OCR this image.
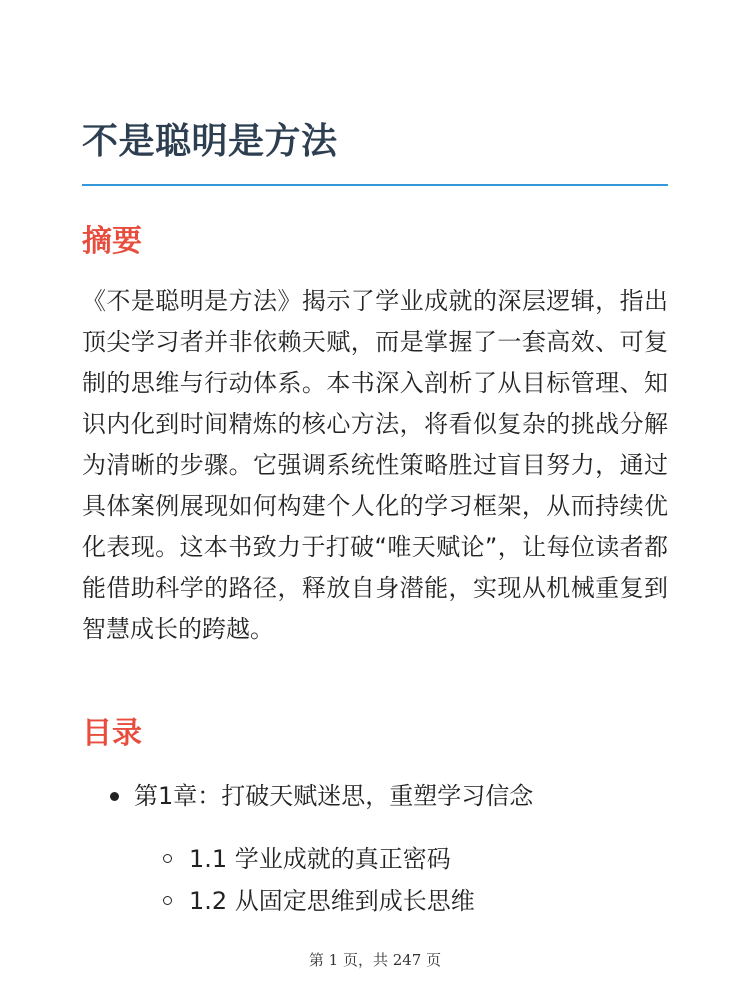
不是聪明是方法
摘要

《不是聪明是方法》揭示了学业成就的深层逻辑，指出顶尖学习者并非依赖天赋，而是掌握了一套高效、可复制的思维与行动体系。本书深入剖析了从目标管理、知识内化到时间精炼的核心方法，将看似复杂的挑战分解为清晰的步骤。它强调系统性策略胜过盲目努力，通过具体案例展现如何构建个人化的学习框架，从而持续优化表现。这本书致力于打破“唯天赋论”，让每位读者都能借助科学的路径，释放自身潜能，实现从机械重复到智慧成长的跨越。

目录
第1章：打破天赋迷思，重塑学习信念
1.1 学业成就的真正密码
1.2 从固定思维到成长思维
第 1 页，共 247 页
